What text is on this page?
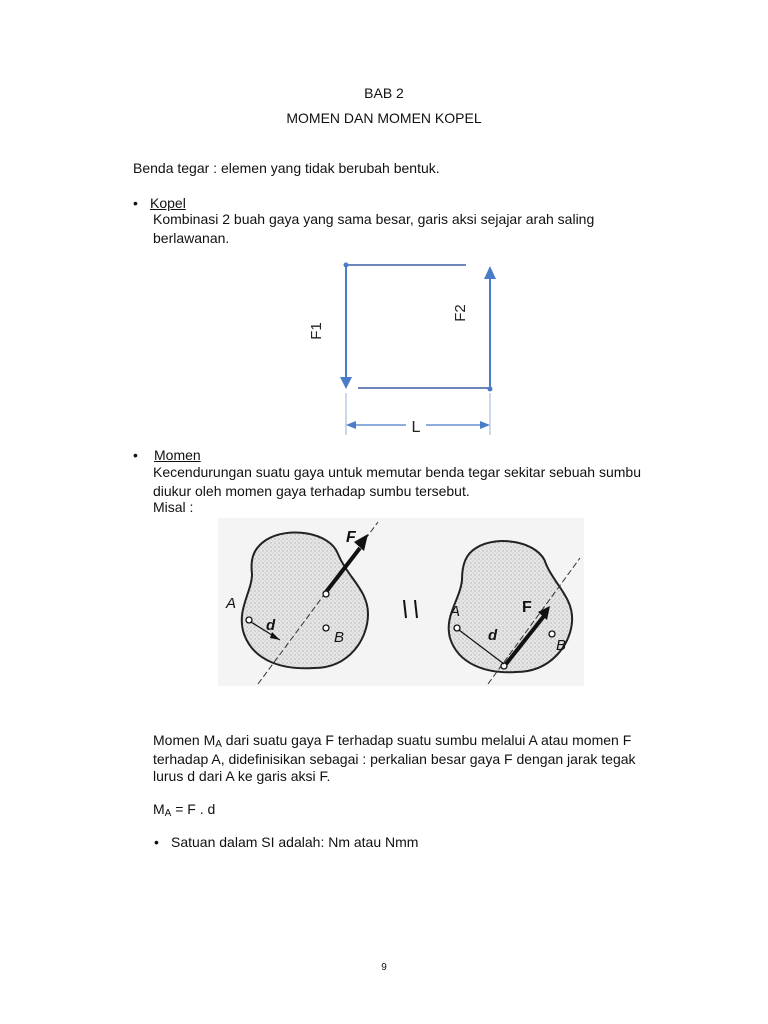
BAB 2
MOMEN DAN MOMEN KOPEL
Benda tegar : elemen yang tidak berubah bentuk.
• Kopel
Kombinasi 2 buah gaya yang sama besar, garis aksi sejajar arah saling
berlawanan.
L
F1
F2
• Momen
Kecendurungan suatu gaya untuk memutar benda tegar sekitar sebuah sumbu
diukur oleh momen gaya terhadap sumbu tersebut.
Misal :
F
A
d
B
F
A
d
B
Momen $M_A$ dari suatu gaya F terhadap suatu sumbu melalui A atau momen F
terhadap A, didefinisikan sebagai : perkalian besar gaya F dengan jarak tegak
lurus d dari A ke garis aksi F.
$M_A = F$ . d
• Satuan dalam SI adalah: Nm atau Nmm
9
